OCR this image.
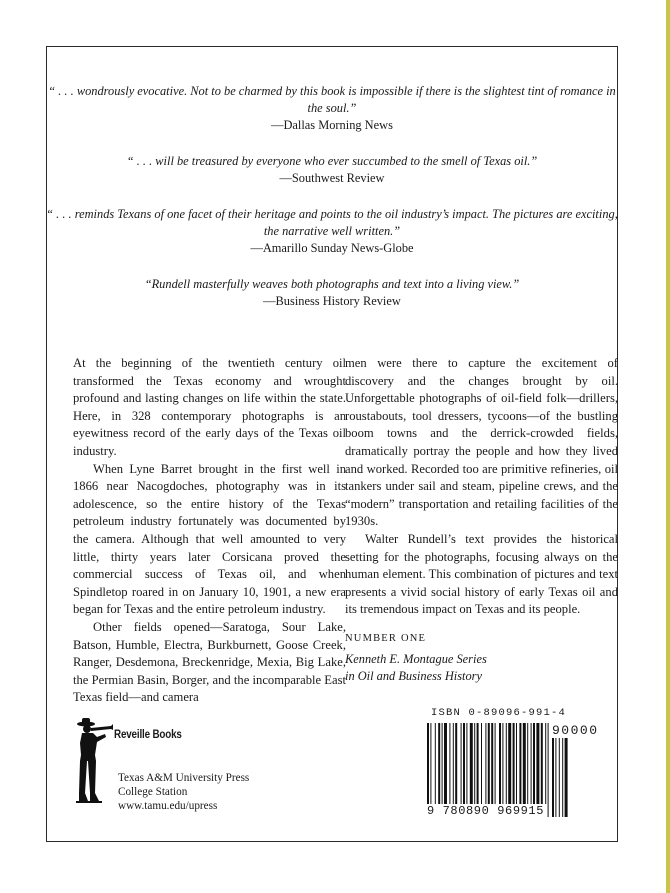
“ . . . wondrously evocative. Not to be charmed by this book is impossible if there is the slightest tint of romance in the soul.”
—Dallas Morning News
“ . . . will be treasured by everyone who ever succumbed to the smell of Texas oil.”
—Southwest Review
“ . . . reminds Texans of one facet of their heritage and points to the oil industry’s impact. The pictures are exciting, the narrative well written.”
—Amarillo Sunday News-Globe
“Rundell masterfully weaves both photographs and text into a living view.”
—Business History Review

At the beginning of the twentieth century oil transformed the Texas economy and wrought profound and lasting changes on life within the state. Here, in 328 contemporary photographs is an eyewitness record of the early days of the Texas oil industry.

When Lyne Barret brought in the first well in 1866 near Nacogdoches, photography was in its adolescence, so the entire history of the Texas petroleum industry fortunately was documented by the camera. Although that well amounted to very little, thirty years later Corsicana proved the commercial success of Texas oil, and when Spindletop roared in on January 10, 1901, a new era began for Texas and the entire petroleum industry.

Other fields opened—Saratoga, Sour Lake, Batson, Humble, Electra, Burkburnett, Goose Creek, Ranger, Desdemona, Breckenridge, Mexia, Big Lake, the Permian Basin, Borger, and the incomparable East Texas field—and camera

men were there to capture the excitement of discovery and the changes brought by oil. Unforgettable photographs of oil-field folk—drillers, roustabouts, tool dressers, tycoons—of the bustling boom towns and the derrick-crowded fields, dramatically portray the people and how they lived and worked. Recorded too are primitive refineries, oil tankers under sail and steam, pipeline crews, and the “modern” transportation and retailing facilities of the 1930s.

Walter Rundell’s text provides the historical setting for the photographs, focusing always on the human element. This combination of pictures and text presents a vivid social history of early Texas oil and its tremendous impact on Texas and its people.

NUMBER ONE
Kenneth E. Montague Series
in Oil and Business History
Reveille Books
Texas A&M University Press
College Station
www.tamu.edu/upress
ISBN 0-89096-991-4
90000
9 780890 969915
